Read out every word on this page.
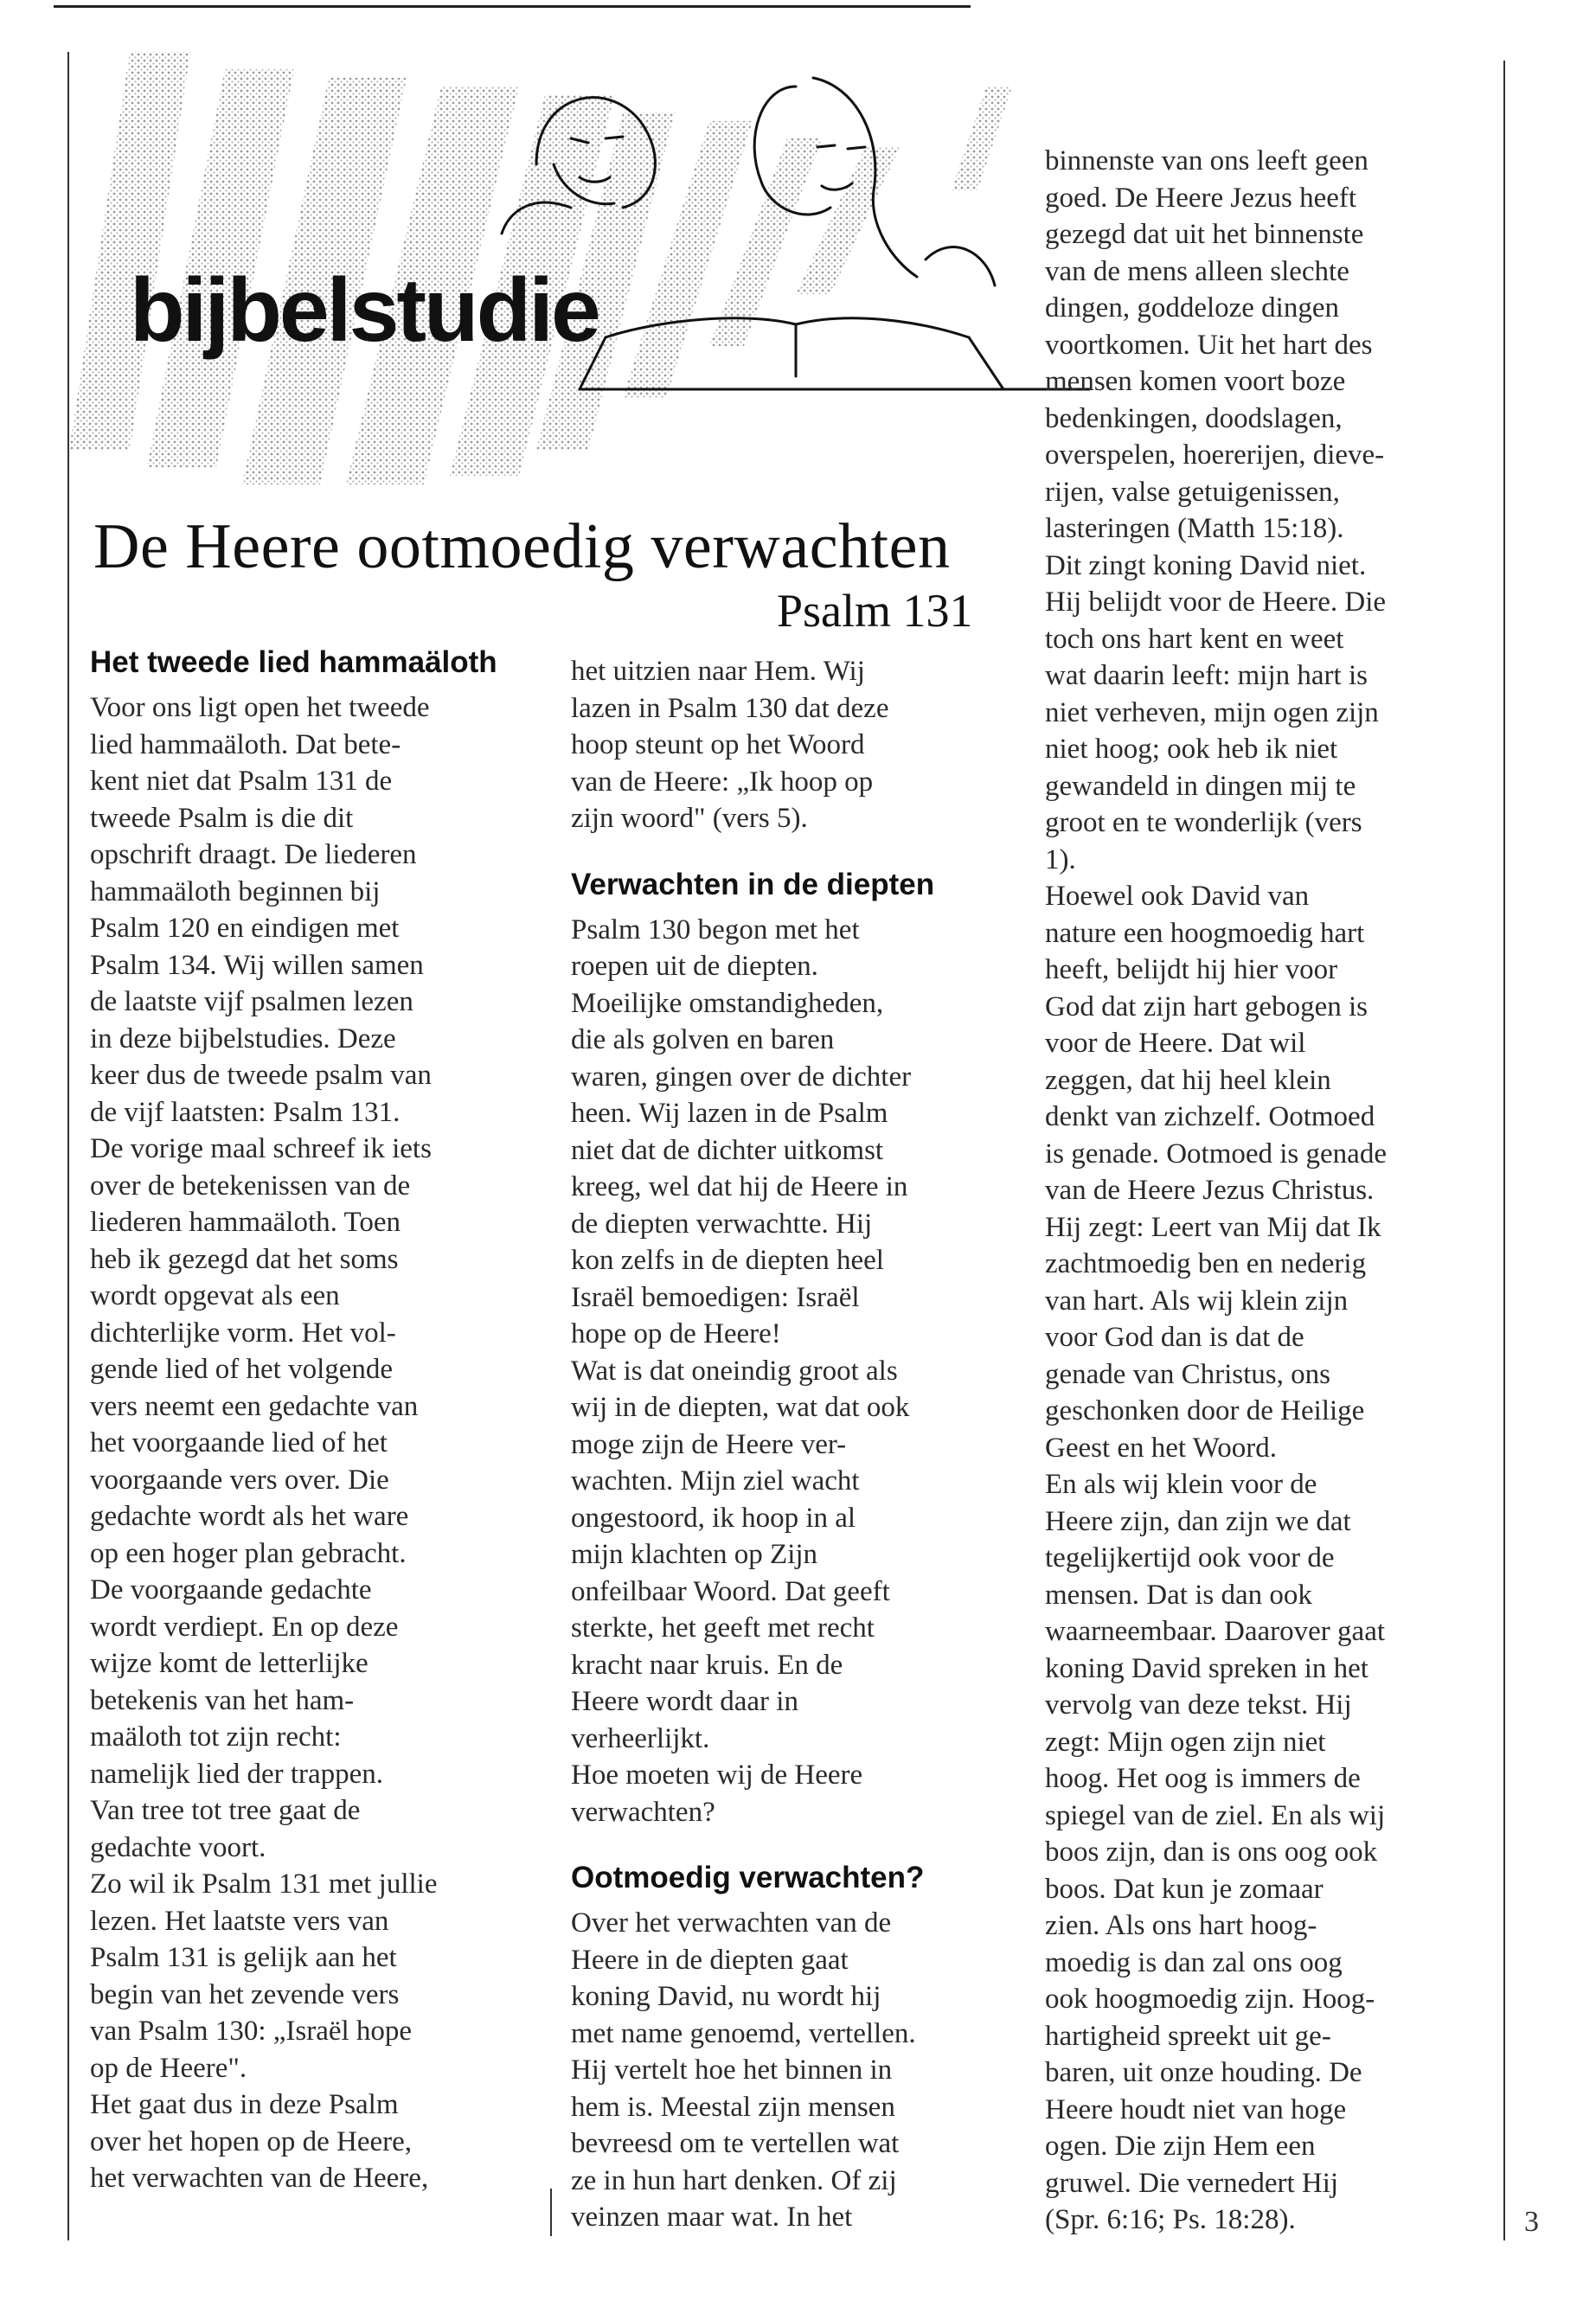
bijbelstudie
De Heere ootmoedig verwachten
Psalm 131
Het tweede lied hammaäloth

Voor ons ligt open het tweede

lied hammaäloth. Dat bete-

kent niet dat Psalm 131 de

tweede Psalm is die dit

opschrift draagt. De liederen

hammaäloth beginnen bij

Psalm 120 en eindigen met

Psalm 134. Wij willen samen

de laatste vijf psalmen lezen

in deze bijbelstudies. Deze

keer dus de tweede psalm van

de vijf laatsten: Psalm 131.

De vorige maal schreef ik iets

over de betekenissen van de

liederen hammaäloth. Toen

heb ik gezegd dat het soms

wordt opgevat als een

dichterlijke vorm. Het vol-

gende lied of het volgende

vers neemt een gedachte van

het voorgaande lied of het

voorgaande vers over. Die

gedachte wordt als het ware

op een hoger plan gebracht.

De voorgaande gedachte

wordt verdiept. En op deze

wijze komt de letterlijke

betekenis van het ham-

maäloth tot zijn recht:

namelijk lied der trappen.

Van tree tot tree gaat de

gedachte voort.

Zo wil ik Psalm 131 met jullie

lezen. Het laatste vers van

Psalm 131 is gelijk aan het

begin van het zevende vers

van Psalm 130: „Israël hope

op de Heere".

Het gaat dus in deze Psalm

over het hopen op de Heere,

het verwachten van de Heere,

het uitzien naar Hem. Wij

lazen in Psalm 130 dat deze

hoop steunt op het Woord

van de Heere: „Ik hoop op

zijn woord" (vers 5).

Verwachten in de diepten

Psalm 130 begon met het

roepen uit de diepten.

Moeilijke omstandigheden,

die als golven en baren

waren, gingen over de dichter

heen. Wij lazen in de Psalm

niet dat de dichter uitkomst

kreeg, wel dat hij de Heere in

de diepten verwachtte. Hij

kon zelfs in de diepten heel

Israël bemoedigen: Israël

hope op de Heere!

Wat is dat oneindig groot als

wij in de diepten, wat dat ook

moge zijn de Heere ver-

wachten. Mijn ziel wacht

ongestoord, ik hoop in al

mijn klachten op Zijn

onfeilbaar Woord. Dat geeft

sterkte, het geeft met recht

kracht naar kruis. En de

Heere wordt daar in

verheerlijkt.

Hoe moeten wij de Heere

verwachten?

Ootmoedig verwachten?

Over het verwachten van de

Heere in de diepten gaat

koning David, nu wordt hij

met name genoemd, vertellen.

Hij vertelt hoe het binnen in

hem is. Meestal zijn mensen

bevreesd om te vertellen wat

ze in hun hart denken. Of zij

veinzen maar wat. In het

binnenste van ons leeft geen

goed. De Heere Jezus heeft

gezegd dat uit het binnenste

van de mens alleen slechte

dingen, goddeloze dingen

voortkomen. Uit het hart des

mensen komen voort boze

bedenkingen, doodslagen,

overspelen, hoererijen, dieve-

rijen, valse getuigenissen,

lasteringen (Matth 15:18).

Dit zingt koning David niet.

Hij belijdt voor de Heere. Die

toch ons hart kent en weet

wat daarin leeft: mijn hart is

niet verheven, mijn ogen zijn

niet hoog; ook heb ik niet

gewandeld in dingen mij te

groot en te wonderlijk (vers

1).

Hoewel ook David van

nature een hoogmoedig hart

heeft, belijdt hij hier voor

God dat zijn hart gebogen is

voor de Heere. Dat wil

zeggen, dat hij heel klein

denkt van zichzelf. Ootmoed

is genade. Ootmoed is genade

van de Heere Jezus Christus.

Hij zegt: Leert van Mij dat Ik

zachtmoedig ben en nederig

van hart. Als wij klein zijn

voor God dan is dat de

genade van Christus, ons

geschonken door de Heilige

Geest en het Woord.

En als wij klein voor de

Heere zijn, dan zijn we dat

tegelijkertijd ook voor de

mensen. Dat is dan ook

waarneembaar. Daarover gaat

koning David spreken in het

vervolg van deze tekst. Hij

zegt: Mijn ogen zijn niet

hoog. Het oog is immers de

spiegel van de ziel. En als wij

boos zijn, dan is ons oog ook

boos. Dat kun je zomaar

zien. Als ons hart hoog-

moedig is dan zal ons oog

ook hoogmoedig zijn. Hoog-

hartigheid spreekt uit ge-

baren, uit onze houding. De

Heere houdt niet van hoge

ogen. Die zijn Hem een

gruwel. Die vernedert Hij

(Spr. 6:16; Ps. 18:28).	3
